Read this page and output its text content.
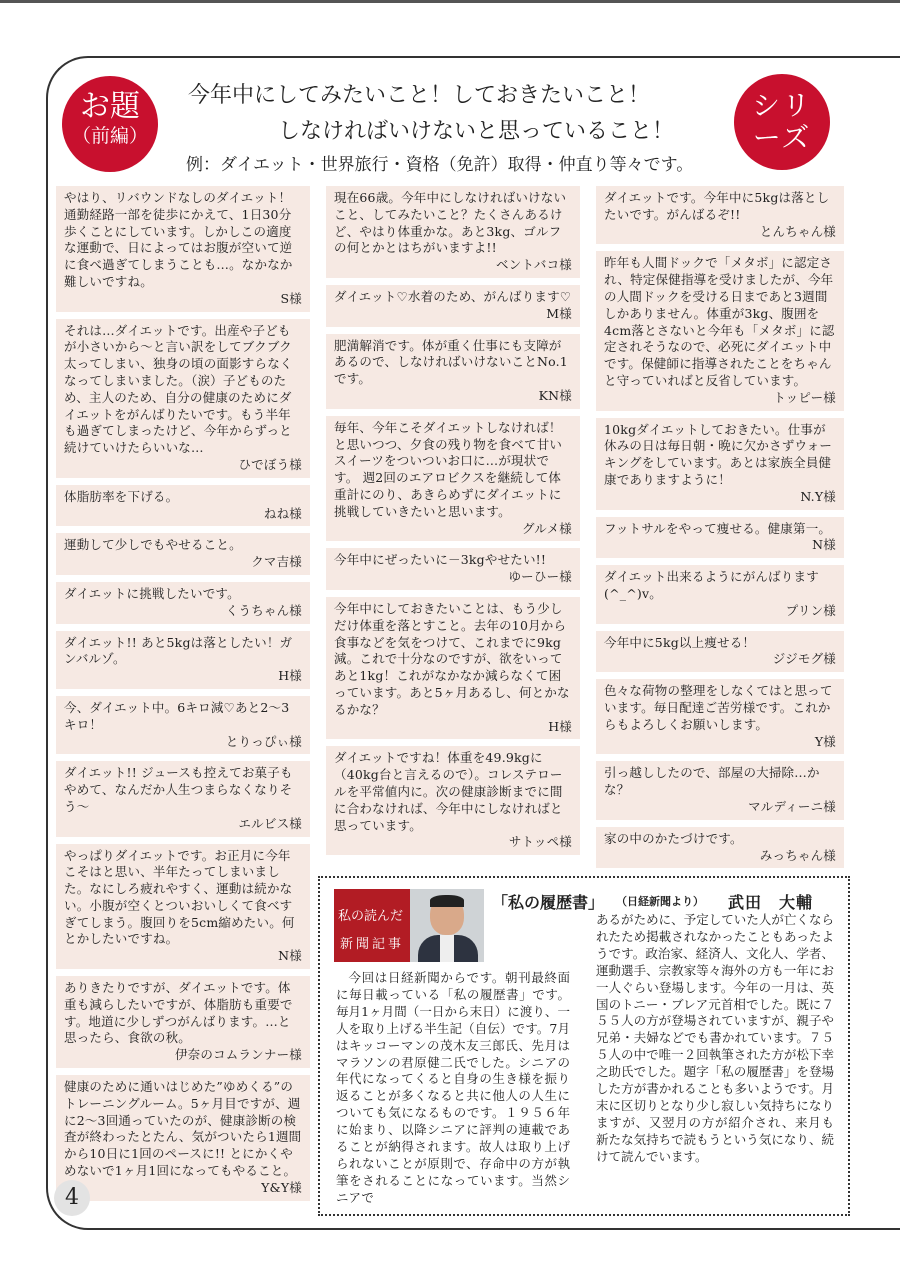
お題
（前編）
シリ
ーズ
今年中にしてみたいこと！しておきたいこと！
しなければいけないと思っていること！
例：ダイエット・世界旅行・資格（免許）取得・仲直り等々です。
やはり、リバウンドなしのダイエット！通勤経路一部を徒歩にかえて、1日30分歩くことにしています。しかしこの適度な運動で、日によってはお腹が空いて逆に食べ過ぎてしまうことも…。なかなか難しいですね。
S様
それは…ダイエットです。出産や子どもが小さいから〜と言い訳をしてブクブク太ってしまい、独身の頃の面影すらなくなってしまいました。（涙）子どものため、主人のため、自分の健康のためにダイエットをがんばりたいです。もう半年も過ぎてしまったけど、今年からずっと続けていけたらいいな…
ひでぼう様
体脂肪率を下げる。
ねね様
運動して少しでもやせること。
クマ吉様
ダイエットに挑戦したいです。
くうちゃん様
ダイエット!! あと5kgは落としたい！ガンバルゾ。
H様
今、ダイエット中。6キロ減♡あと2〜3キロ！
とりっぴぃ様
ダイエット!! ジュースも控えてお菓子もやめて、なんだか人生つまらなくなりそう〜
エルビス様
やっぱりダイエットです。お正月に今年こそはと思い、半年たってしまいました。なにしろ疲れやすく、運動は続かない。小腹が空くとついおいしくて食べすぎてしまう。腹回りを5cm縮めたい。何とかしたいですね。
N様
ありきたりですが、ダイエットです。体重も減らしたいですが、体脂肪も重要です。地道に少しずつがんばります。…と思ったら、食欲の秋。
伊奈のコムランナー様
健康のために通いはじめた”ゆめくる”のトレーニングルーム。5ヶ月目ですが、週に2〜3回通っていたのが、健康診断の検査が終わったとたん、気がついたら1週間から10日に1回のペースに!! とにかくやめないで1ヶ月1回になってもやること。
Y&Y様
現在66歳。今年中にしなければいけないこと、してみたいこと？たくさんあるけど、やはり体重かな。あと3kg、ゴルフの何とかとはちがいますよ!!
ベントバコ様
ダイエット♡水着のため、がんばります♡
M様
肥満解消です。体が重く仕事にも支障があるので、しなければいけないことNo.1です。
KN様
毎年、今年こそダイエットしなければ！と思いつつ、夕食の残り物を食べて甘いスイーツをついついお口に…が現状です。 週2回のエアロビクスを継続して体重計にのり、あきらめずにダイエットに挑戦していきたいと思います。
グルメ様
今年中にぜったいに－3kgやせたい!!
ゆーひー様
今年中にしておきたいことは、もう少しだけ体重を落とすこと。去年の10月から食事などを気をつけて、これまでに9kg減。これで十分なのですが、欲をいってあと1kg！これがなかなか減らなくて困っています。あと5ヶ月あるし、何とかなるかな？
H様
ダイエットですね！体重を49.9kgに（40kg台と言えるので）。コレステロールを平常値内に。次の健康診断までに間に合わなければ、今年中にしなければと思っています。
サトッペ様
ダイエットです。今年中に5kgは落としたいです。がんばるぞ!!
とんちゃん様
昨年も人間ドックで「メタボ」に認定され、特定保健指導を受けましたが、今年の人間ドックを受ける日まであと3週間しかありません。体重が3kg、腹囲を4cm落とさないと今年も「メタボ」に認定されそうなので、必死にダイエット中です。保健師に指導されたことをちゃんと守っていればと反省しています。
トッピー様
10kgダイエットしておきたい。仕事が休みの日は毎日朝・晩に欠かさずウォーキングをしています。あとは家族全員健康でありますように！
N.Y様
フットサルをやって痩せる。健康第一。
N様
ダイエット出来るようにがんばります (^_^)v。
プリン様
今年中に5kg以上痩せる！
ジジモグ様
色々な荷物の整理をしなくてはと思っています。毎日配達ご苦労様です。これからもよろしくお願いします。
Y様
引っ越ししたので、部屋の大掃除…かな？
マルディーニ様
家の中のかたづけです。
みっちゃん様
私の読んだ
新聞記事
「私の履歴書」 （日経新聞より） 武田　大輔
今回は日経新聞からです。朝刊最終面に毎日載っている「私の履歴書」です。毎月1ヶ月間（一日から末日）に渡り、一人を取り上げる半生記（自伝）です。7月はキッコーマンの茂木友三郎氏、先月はマラソンの君原健二氏でした。シニアの年代になってくると自身の生き様を振り返ることが多くなると共に他人の人生についても気になるものです。１９５６年に始まり、以降シニアに評判の連載であることが納得されます。故人は取り上げられないことが原則で、存命中の方が執筆をされることになっています。当然シニアで
あるがために、予定していた人が亡くなられたため掲載されなかったこともあったようです。政治家、経済人、文化人、学者、運動選手、宗教家等々海外の方も一年にお一人ぐらい登場します。今年の一月は、英国のトニー・ブレア元首相でした。既に７５５人の方が登場されていますが、親子や兄弟・夫婦などでも書かれています。７５５人の中で唯一２回執筆された方が松下幸之助氏でした。題字「私の履歴書」を登場した方が書かれることも多いようです。月末に区切りとなり少し寂しい気持ちになりますが、又翌月の方が紹介され、来月も新たな気持ちで読もうという気になり、続けて読んでいます。
4
